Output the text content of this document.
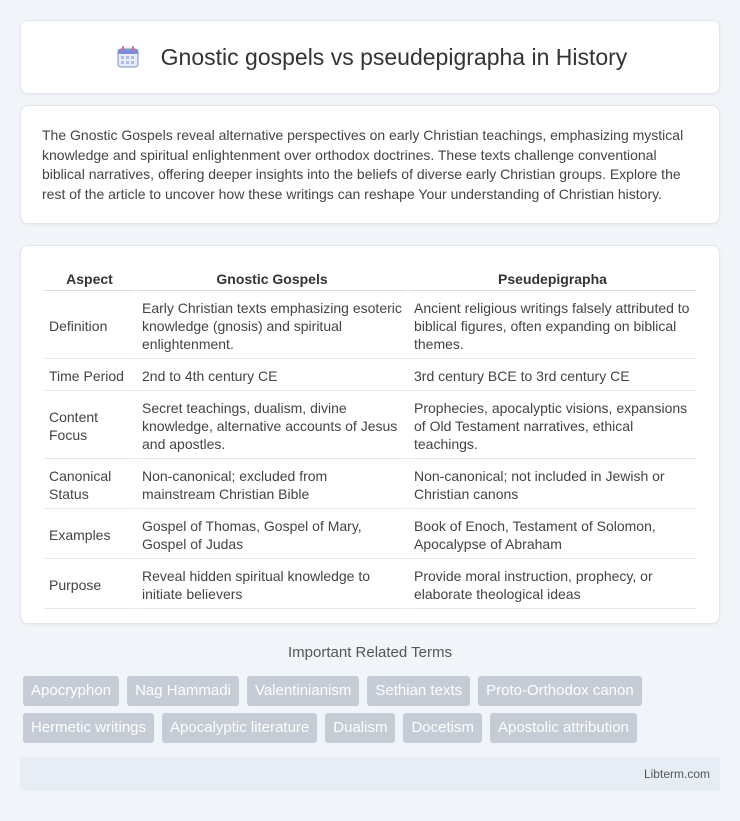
Gnostic gospels vs pseudepigrapha in History

The Gnostic Gospels reveal alternative perspectives on early Christian teachings, emphasizing mystical knowledge and spiritual enlightenment over orthodox doctrines. These texts challenge conventional biblical narratives, offering deeper insights into the beliefs of diverse early Christian groups. Explore the rest of the article to uncover how these writings can reshape Your understanding of Christian history.

Aspect	Gnostic Gospels	Pseudepigrapha
Definition	Early Christian texts emphasizing esoteric knowledge (gnosis) and spiritual enlightenment.	Ancient religious writings falsely attributed to biblical figures, often expanding on biblical themes.
Time Period	2nd to 4th century CE	3rd century BCE to 3rd century CE
Content Focus	Secret teachings, dualism, divine knowledge, alternative accounts of Jesus and apostles.	Prophecies, apocalyptic visions, expansions of Old Testament narratives, ethical teachings.
Canonical Status	Non-canonical; excluded from mainstream Christian Bible	Non-canonical; not included in Jewish or Christian canons
Examples	Gospel of Thomas, Gospel of Mary, Gospel of Judas	Book of Enoch, Testament of Solomon, Apocalypse of Abraham
Purpose	Reveal hidden spiritual knowledge to initiate believers	Provide moral instruction, prophecy, or elaborate theological ideas
Important Related Terms
Apocryphon	Nag Hammadi	Valentinianism	Sethian texts	Proto-Orthodox canon
Hermetic writings	Apocalyptic literature	Dualism	Docetism	Apostolic attribution
Libterm.com
